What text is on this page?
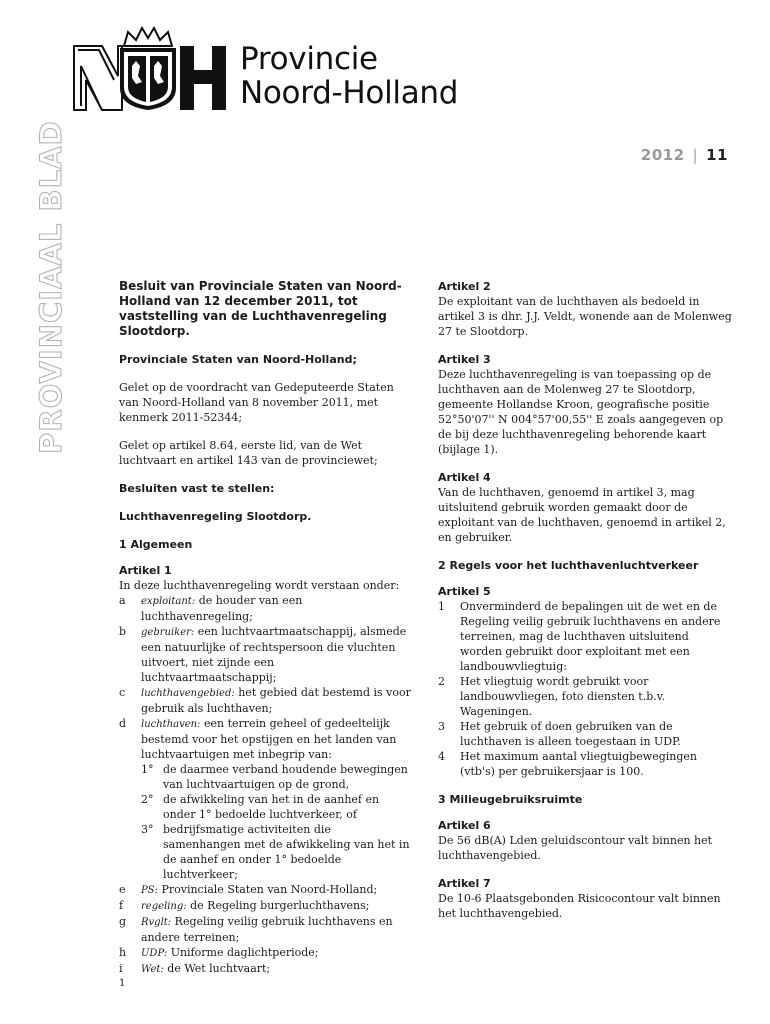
Provincie
Noord-Holland
2012 | 11
PROVINCIAAL BLAD	Besluit van Provinciale Staten van Noord-Holland van 12 december 2011, tot vaststelling van de Luchthavenregeling Slootdorp.

Provinciale Staten van Noord-Holland;

Gelet op de voordracht van Gedeputeerde Staten van Noord-Holland van 8 november 2011, met kenmerk 2011-52344;

Gelet op artikel 8.64, eerste lid, van de Wet luchtvaart en artikel 143 van de provinciewet;

Besluiten vast te stellen:

Luchthavenregeling Slootdorp.

1 Algemeen
Artikel 1
In deze luchthavenregeling wordt verstaan onder:
a	exploitant: de houder van een luchthavenregeling;
b	gebruiker: een luchtvaartmaatschappij, alsmede een natuurlijke of rechtspersoon die vluchten uitvoert, niet zijnde een luchtvaartmaatschappij;
c	luchthavengebied: het gebied dat bestemd is voor gebruik als luchthaven;
d	luchthaven: een terrein geheel of gedeeltelijk bestemd voor het opstijgen en het landen van luchtvaartuigen met inbegrip van:
1° de daarmee verband houdende bewegingen van luchtvaartuigen op de grond,
2° de afwikkeling van het in de aanhef en onder 1° bedoelde luchtverkeer, of
3° bedrijfsmatige activiteiten die samenhangen met de afwikkeling van het in de aanhef en onder 1° bedoelde luchtverkeer;
e	PS: Provinciale Staten van Noord-Holland;
f	regeling: de Regeling burgerluchthavens;
g	Rvglt: Regeling veilig gebruik luchthavens en andere terreinen;
h	UDP: Uniforme daglichtperiode;
i	Wet: de Wet luchtvaart;
Artikel 2
De exploitant van de luchthaven als bedoeld in artikel 3 is dhr. J.J. Veldt, wonende aan de Molenweg 27 te Slootdorp.
Artikel 3
Deze luchthavenregeling is van toepassing op de luchthaven aan de Molenweg 27 te Slootdorp, gemeente Hollandse Kroon, geografische positie 52°50'07'' N 004°57'00,55'' E zoals aangegeven op de bij deze luchthavenregeling behorende kaart (bijlage 1).
Artikel 4
Van de luchthaven, genoemd in artikel 3, mag uitsluitend gebruik worden gemaakt door de exploitant van de luchthaven, genoemd in artikel 2, en gebruiker.
2 Regels voor het luchthavenluchtverkeer
Artikel 5
1	Onverminderd de bepalingen uit de wet en de Regeling veilig gebruik luchthavens en andere terreinen, mag de luchthaven uitsluitend worden gebruikt door exploitant met een landbouwvliegtuig:
2	Het vliegtuig wordt gebruikt voor landbouwvliegen, foto diensten t.b.v. Wageningen.
3	Het gebruik of doen gebruiken van de luchthaven is alleen toegestaan in UDP.
4	Het maximum aantal vliegtuigbewegingen (vtb's) per gebruikersjaar is 100.
3 Milieugebruiksruimte
Artikel 6
De 56 dB(A) Lden geluidscontour valt binnen het luchthavengebied.
Artikel 7
De 10-6 Plaatsgebonden Risicocontour valt binnen het luchthavengebied.
1
